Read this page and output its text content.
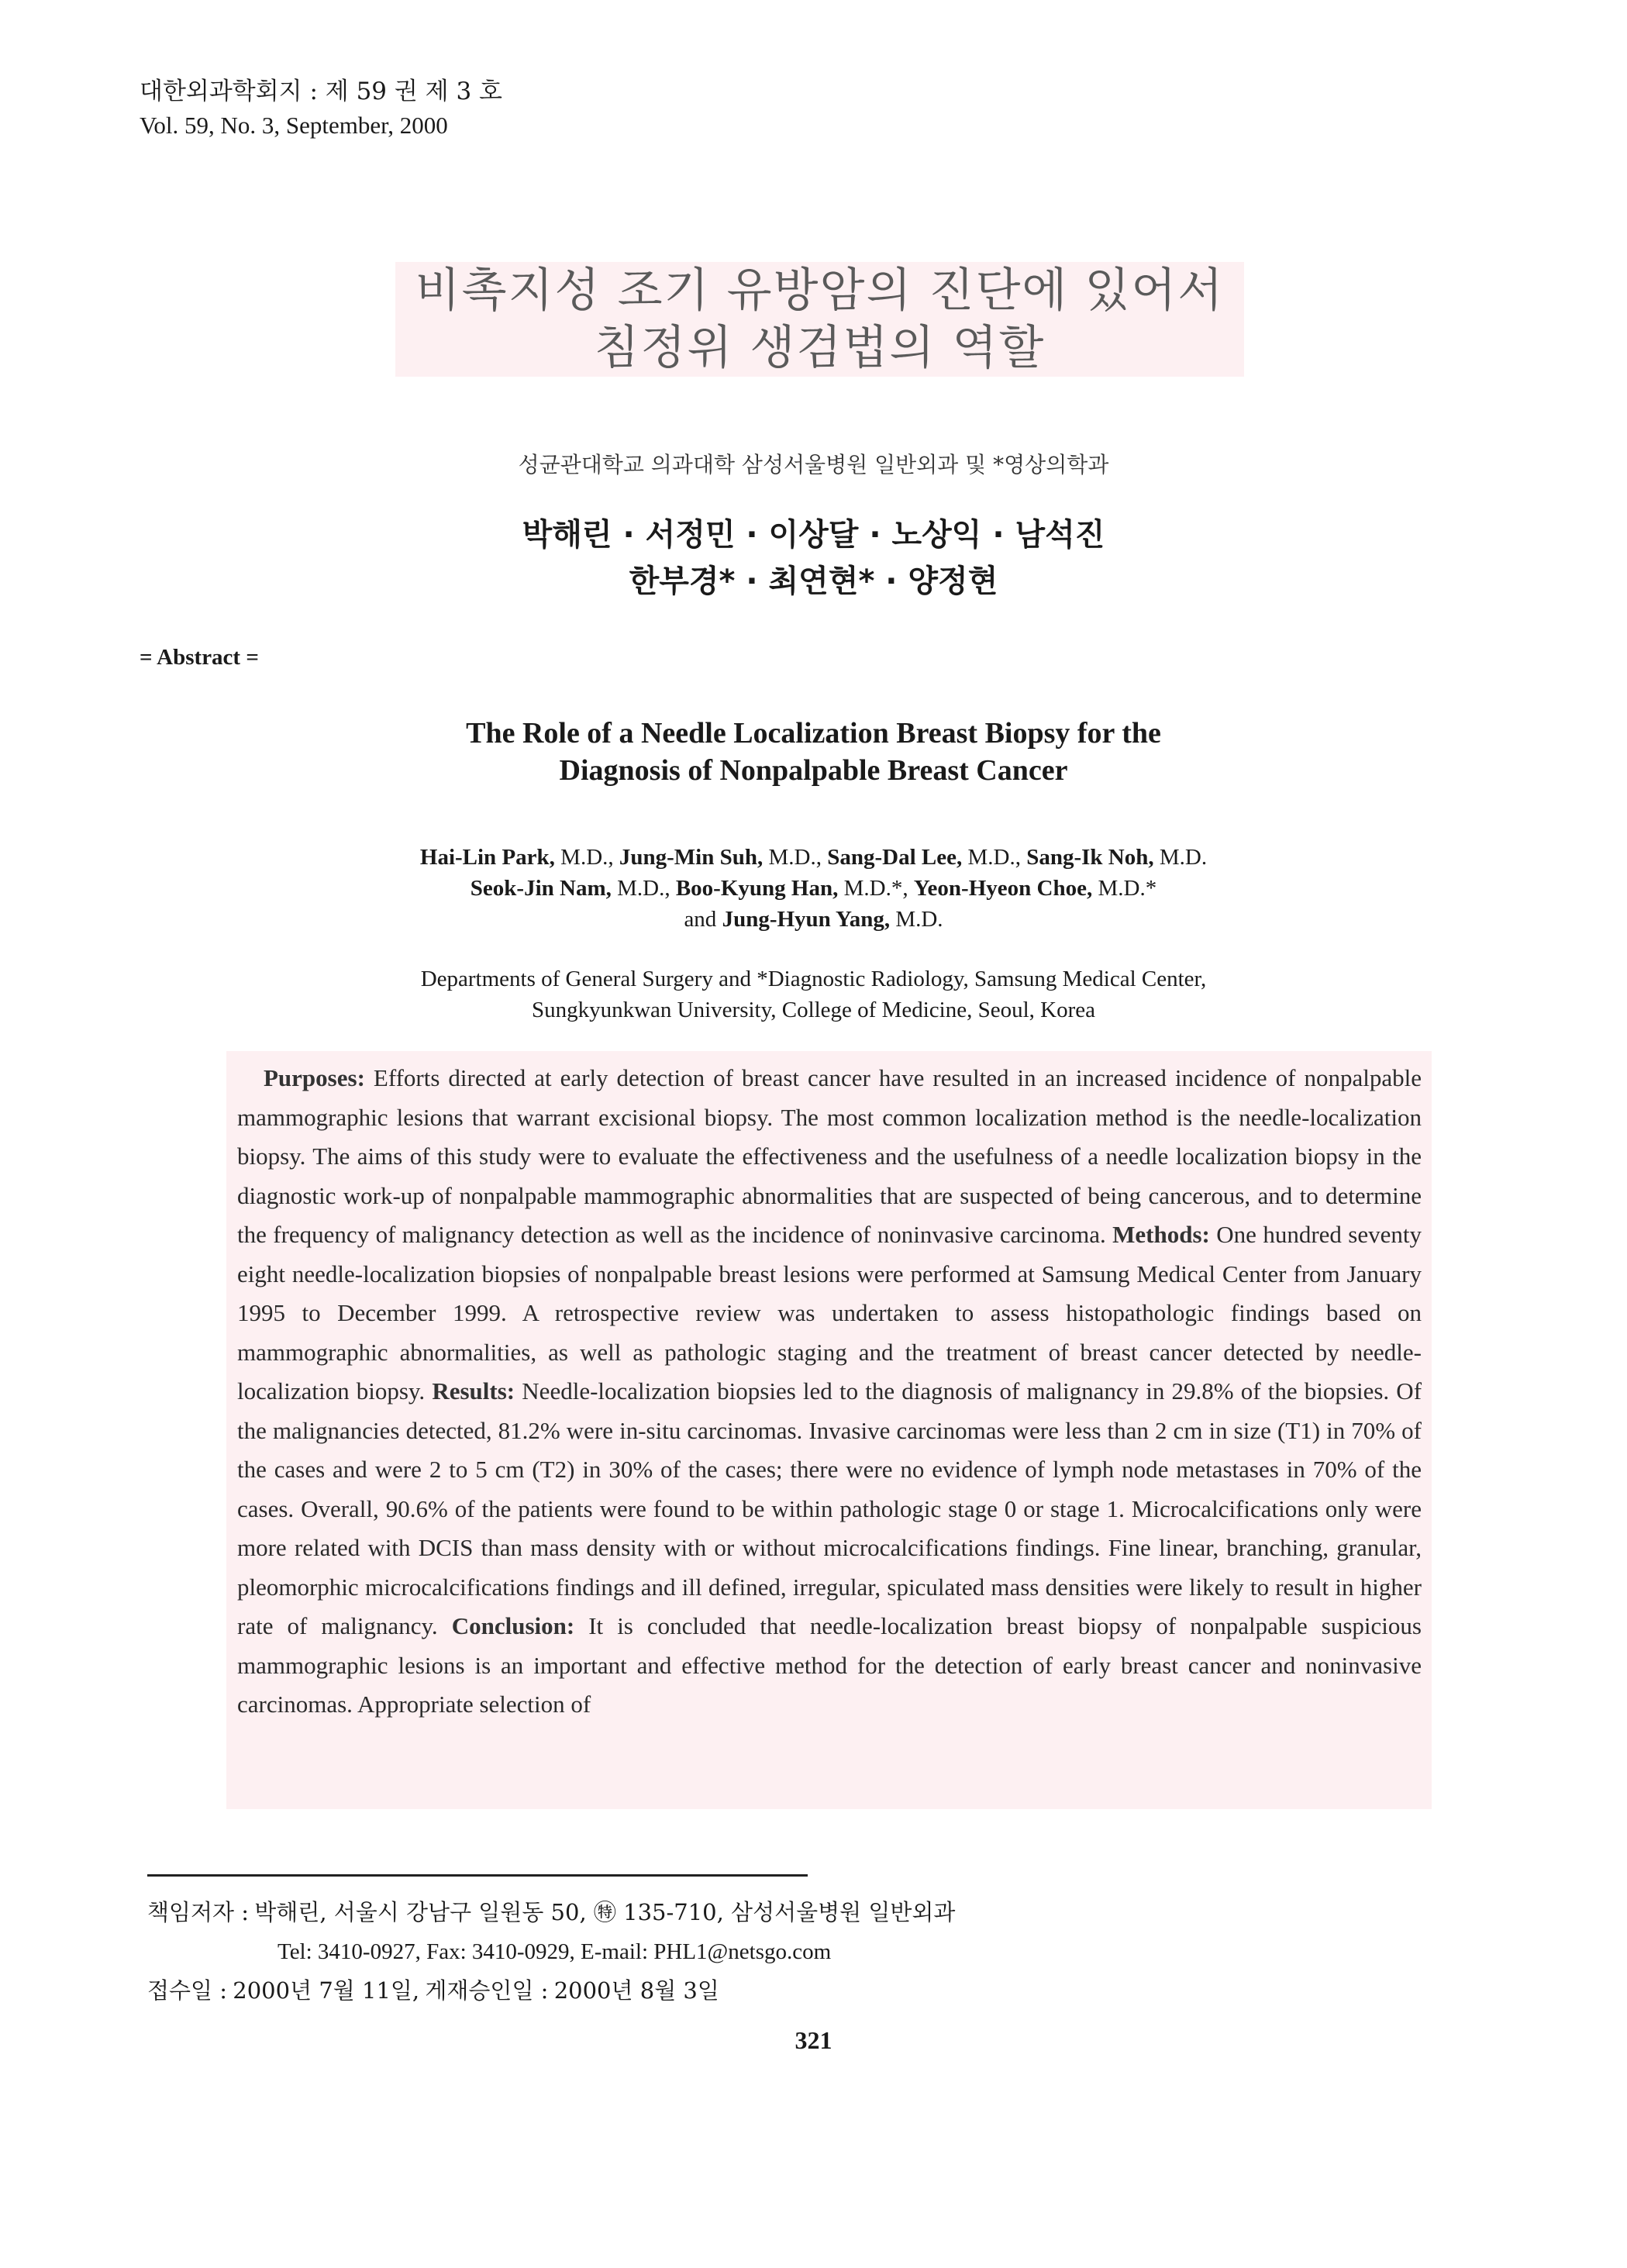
대한외과학회지 : 제 59 권 제 3 호
Vol. 59, No. 3, September, 2000
비촉지성 조기 유방암의 진단에 있어서
침정위 생검법의 역할
성균관대학교 의과대학 삼성서울병원 일반외과 및 *영상의학과
박해린 · 서정민 · 이상달 · 노상익 · 남석진
한부경* · 최연현* · 양정현
= Abstract =
The Role of a Needle Localization Breast Biopsy for the
Diagnosis of Nonpalpable Breast Cancer
Hai-Lin Park, M.D., Jung-Min Suh, M.D., Sang-Dal Lee, M.D., Sang-Ik Noh, M.D.
Seok-Jin Nam, M.D., Boo-Kyung Han, M.D.*, Yeon-Hyeon Choe, M.D.*
and Jung-Hyun Yang, M.D.
Departments of General Surgery and *Diagnostic Radiology, Samsung Medical Center,
Sungkyunkwan University, College of Medicine, Seoul, Korea
Purposes: Efforts directed at early detection of breast cancer have resulted in an increased incidence of nonpalpable mammographic lesions that warrant excisional biopsy. The most common localization method is the needle-localization biopsy. The aims of this study were to evaluate the effectiveness and the usefulness of a needle localization biopsy in the diagnostic work-up of nonpalpable mammographic abnormalities that are suspected of being cancerous, and to determine the frequency of malignancy detection as well as the incidence of noninvasive carcinoma. Methods: One hundred seventy eight needle-localization biopsies of nonpalpable breast lesions were performed at Samsung Medical Center from January 1995 to December 1999. A retrospective review was undertaken to assess histopathologic findings based on mammographic abnormalities, as well as pathologic staging and the treatment of breast cancer detected by needle-localization biopsy. Results: Needle-localization biopsies led to the diagnosis of malignancy in 29.8% of the biopsies. Of the malignancies detected, 81.2% were in-situ carcinomas. Invasive carcinomas were less than 2 cm in size (T1) in 70% of the cases and were 2 to 5 cm (T2) in 30% of the cases; there were no evidence of lymph node metastases in 70% of the cases. Overall, 90.6% of the patients were found to be within pathologic stage 0 or stage 1. Microcalcifications only were more related with DCIS than mass density with or without microcalcifications findings. Fine linear, branching, granular, pleomorphic microcalcifications findings and ill defined, irregular, spiculated mass densities were likely to result in higher rate of malignancy. Conclusion: It is concluded that needle-localization breast biopsy of nonpalpable suspicious mammographic lesions is an important and effective method for the detection of early breast cancer and noninvasive carcinomas. Appropriate selection of
책임저자 : 박해린, 서울시 강남구 일원동 50, ㊕ 135-710, 삼성서울병원 일반외과
Tel: 3410-0927, Fax: 3410-0929, E-mail: PHL1@netsgo.com
접수일 : 2000년 7월 11일, 게재승인일 : 2000년 8월 3일
321
